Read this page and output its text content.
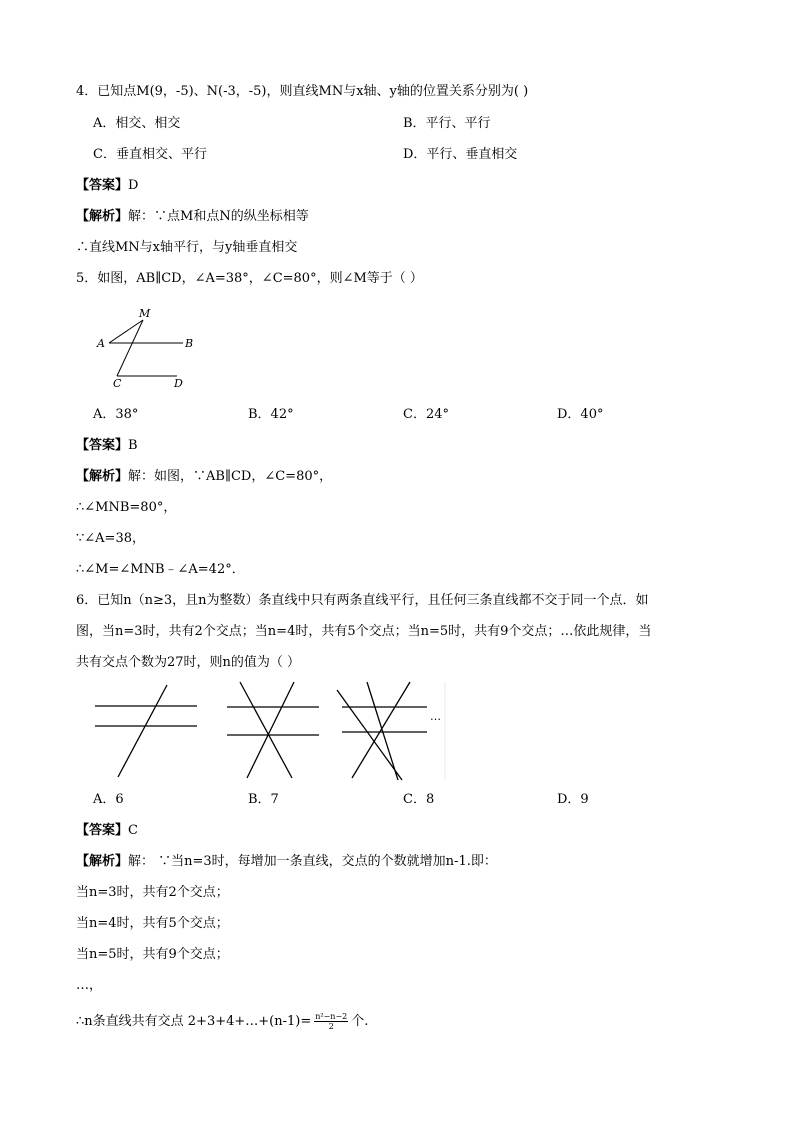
4．已知点M(9，-5)、N(-3，-5)，则直线MN与x轴、y轴的位置关系分别为( )
A．相交、相交	B．平行、平行
C．垂直相交、平行	D．平行、垂直相交
【答案】D
【解析】解：∵点M和点N的纵坐标相等
∴直线MN与x轴平行，与y轴垂直相交
5．如图，AB∥CD，∠A=38°，∠C=80°，则∠M等于（ ）
M
A	B
C	D
A．38°	B．42°	C．24°	D．40°
【答案】B
【解析】解：如图，∵AB∥CD，∠C=80°，
∴∠MNB=80°，
∵∠A=38，
∴∠M=∠MNB﹣∠A=42°．
6．已知n（n≥3，且n为整数）条直线中只有两条直线平行，且任何三条直线都不交于同一个点．如
图，当n=3时，共有2个交点；当n=4时，共有5个交点；当n=5时，共有9个交点；…依此规律，当
共有交点个数为27时，则n的值为（ ）
…
A．6	B．7	C．8	D．9
【答案】C
【解析】解： ∵当n=3时，每增加一条直线，交点的个数就增加n-1.即：
当n=3时，共有2个交点；
当n=4时，共有5个交点；
当n=5时，共有9个交点；
…，
∴n条直线共有交点 2+3+4+…+(n-1)= $\frac{\text{n²−n−2}}{2}$ 个.
